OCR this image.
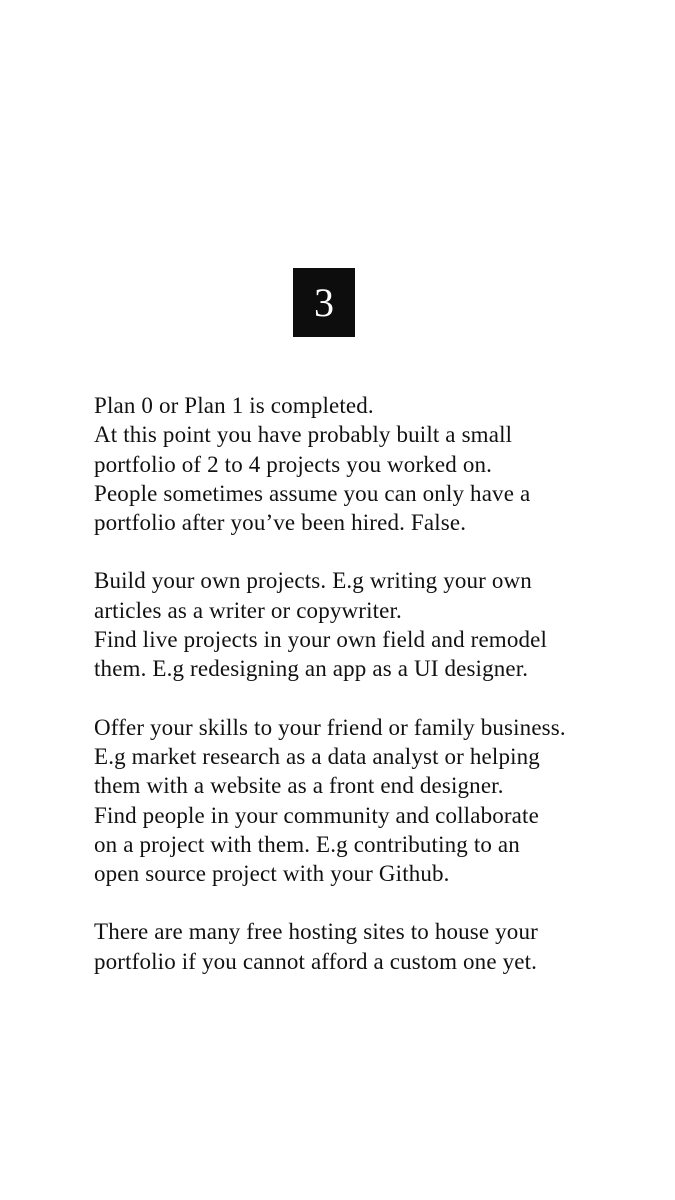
3

Plan 0 or Plan 1 is completed.
At this point you have probably built a small
portfolio of 2 to 4 projects you worked on.
People sometimes assume you can only have a
portfolio after you’ve been hired. False.

Build your own projects. E.g writing your own
articles as a writer or copywriter.
Find live projects in your own field and remodel
them. E.g redesigning an app as a UI designer.

Offer your skills to your friend or family business.
E.g market research as a data analyst or helping
them with a website as a front end designer.
Find people in your community and collaborate
on a project with them. E.g contributing to an
open source project with your Github.

There are many free hosting sites to house your
portfolio if you cannot afford a custom one yet.
